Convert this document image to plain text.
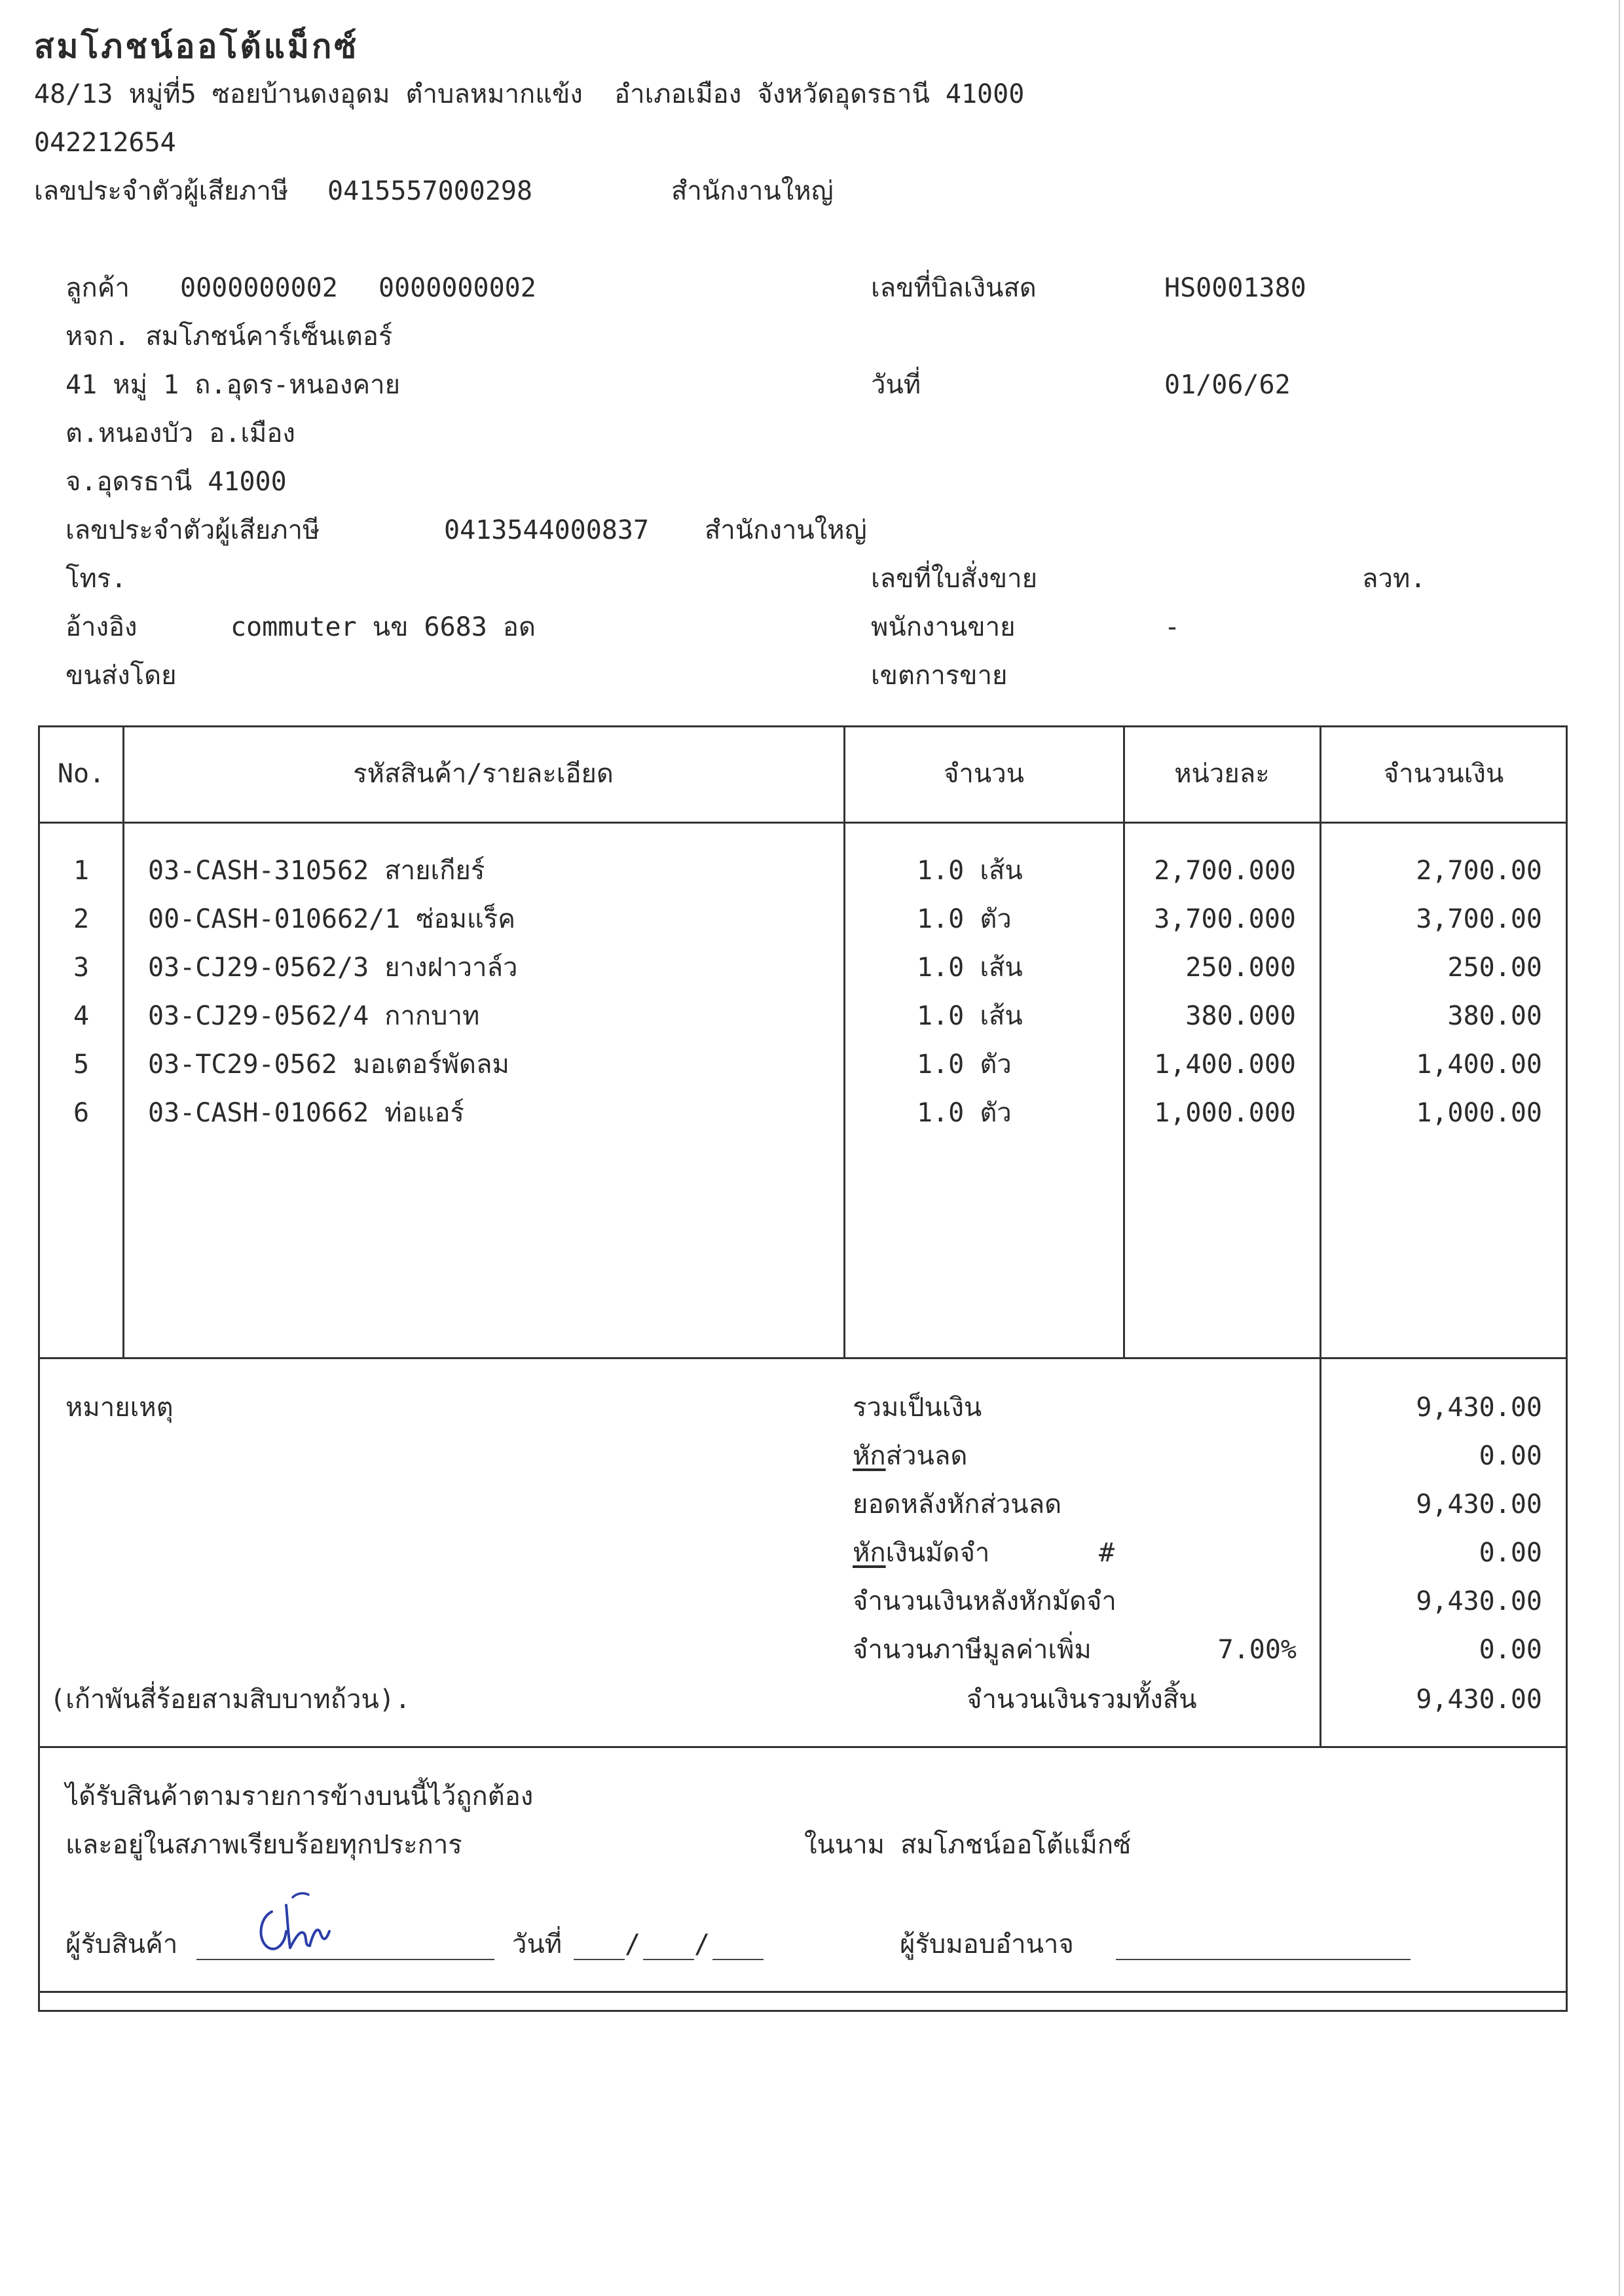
สมโภชน์ออโต้แม็กซ์
48/13 หมู่ที่5 ซอยบ้านดงอุดม ตำบลหมากแข้ง  อำเภอเมือง จังหวัดอุดรธานี 41000
042212654
เลขประจำตัวผู้เสียภาษี 0415557000298	สำนักงานใหญ่
ลูกค้า 0000000002 0000000002
หจก. สมโภชน์คาร์เซ็นเตอร์
41 หมู่ 1 ถ.อุดร-หนองคาย
ต.หนองบัว อ.เมือง
จ.อุดรธานี 41000
เลขประจำตัวผู้เสียภาษี	0413544000837 สำนักงานใหญ่
โทร.
อ้างอิง	commuter นข 6683 อด
ขนส่งโดย
เลขที่บิลเงินสด	HS0001380
วันที่	01/06/62
เลขที่ใบสั่งขาย	ลวท.
พนักงานขาย	-
เขตการขาย
No.	รหัสสินค้า/รายละเอียด	จำนวน	หน่วยละ	จำนวนเงิน
1	03-CASH-310562 สายเกียร์	1.0 เส้น	2,700.000	2,700.00
2	00-CASH-010662/1 ซ่อมแร็ค	1.0 ตัว	3,700.000	3,700.00
3	03-CJ29-0562/3 ยางฝาวาล์ว	1.0 เส้น	250.000	250.00
4	03-CJ29-0562/4 กากบาท	1.0 เส้น	380.000	380.00
5	03-TC29-0562 มอเตอร์พัดลม	1.0 ตัว	1,400.000	1,400.00
6	03-CASH-010662 ท่อแอร์	1.0 ตัว	1,000.000	1,000.00
หมายเหตุ
(เก้าพันสี่ร้อยสามสิบบาทถ้วน).
รวมเป็นเงิน	9,430.00
หักส่วนลด	0.00
ยอดหลังหักส่วนลด	9,430.00
หักเงินมัดจำ	#	0.00
จำนวนเงินหลังหักมัดจำ	9,430.00
จำนวนภาษีมูลค่าเพิ่ม	7.00%	0.00
จำนวนเงินรวมทั้งสิ้น	9,430.00
ได้รับสินค้าตามรายการข้างบนนี้ไว้ถูกต้อง
และอยู่ในสภาพเรียบร้อยทุกประการ	ในนาม สมโภชน์ออโต้แม็กซ์
ผู้รับสินค้า	วันที่ / /	ผู้รับมอบอำนาจ
